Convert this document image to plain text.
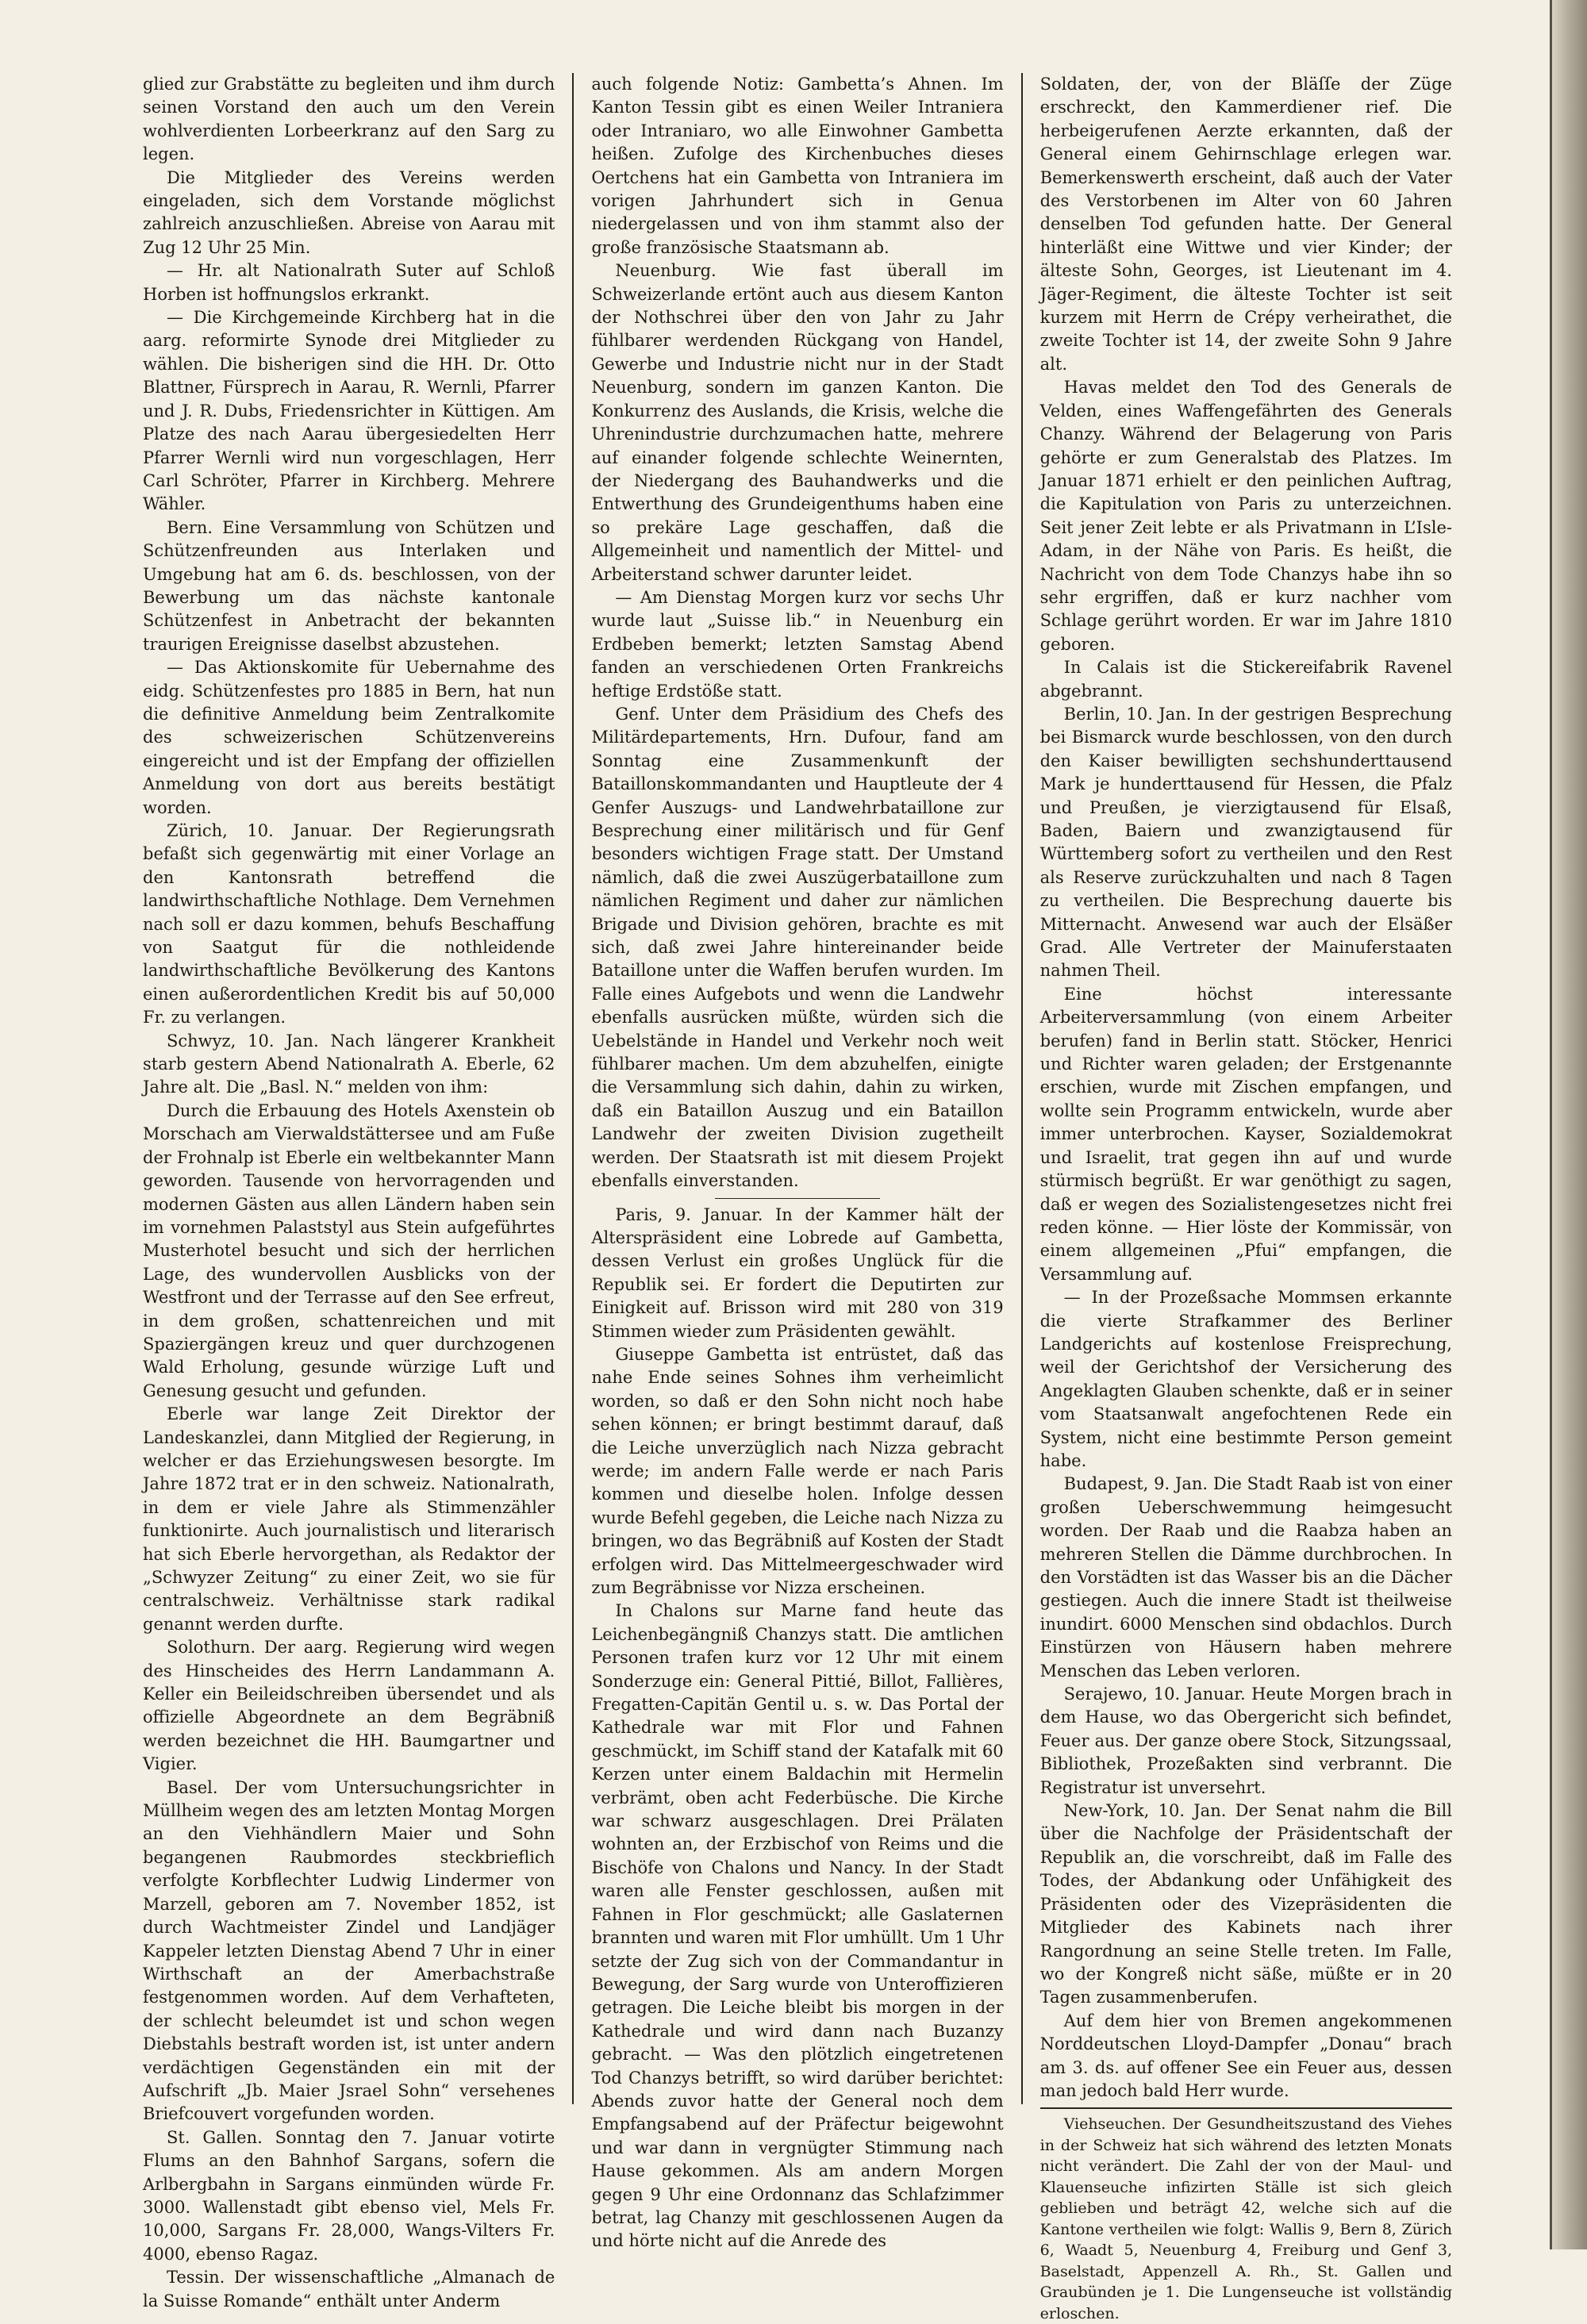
glied zur Grabstätte zu begleiten und ihm durch seinen Vorstand den auch um den Verein wohlverdienten Lorbeerkranz auf den Sarg zu legen.

Die Mitglieder des Vereins werden eingeladen, sich dem Vorstande möglichst zahlreich anzuschließen. Abreise von Aarau mit Zug 12 Uhr 25 Min.

— Hr. alt Nationalrath Suter auf Schloß Horben ist hoffnungslos erkrankt.

— Die Kirchgemeinde Kirchberg hat in die aarg. reformirte Synode drei Mitglieder zu wählen. Die bisherigen sind die HH. Dr. Otto Blattner, Fürsprech in Aarau, R. Wernli, Pfarrer und J. R. Dubs, Friedensrichter in Küttigen. Am Platze des nach Aarau übergesiedelten Herr Pfarrer Wernli wird nun vorgeschlagen, Herr Carl Schröter, Pfarrer in Kirchberg. Mehrere Wähler.

Bern. Eine Versammlung von Schützen und Schützenfreunden aus Interlaken und Umgebung hat am 6. ds. beschlossen, von der Bewerbung um das nächste kantonale Schützenfest in Anbetracht der bekannten traurigen Ereignisse daselbst abzustehen.

— Das Aktionskomite für Uebernahme des eidg. Schützenfestes pro 1885 in Bern, hat nun die definitive Anmeldung beim Zentralkomite des schweizerischen Schützenvereins eingereicht und ist der Empfang der offiziellen Anmeldung von dort aus bereits bestätigt worden.

Zürich, 10. Januar. Der Regierungsrath befaßt sich gegenwärtig mit einer Vorlage an den Kantonsrath betreffend die landwirthschaftliche Nothlage. Dem Vernehmen nach soll er dazu kommen, behufs Beschaffung von Saatgut für die nothleidende landwirthschaftliche Bevölkerung des Kantons einen außerordentlichen Kredit bis auf 50,000 Fr. zu verlangen.

Schwyz, 10. Jan. Nach längerer Krankheit starb gestern Abend Nationalrath A. Eberle, 62 Jahre alt. Die „Basl. N.“ melden von ihm:

Durch die Erbauung des Hotels Axenstein ob Morschach am Vierwaldstättersee und am Fuße der Frohnalp ist Eberle ein weltbekannter Mann geworden. Tausende von hervorragenden und modernen Gästen aus allen Ländern haben sein im vornehmen Palaststyl aus Stein aufgeführtes Musterhotel besucht und sich der herrlichen Lage, des wundervollen Ausblicks von der Westfront und der Terrasse auf den See erfreut, in dem großen, schattenreichen und mit Spaziergängen kreuz und quer durchzogenen Wald Erholung, gesunde würzige Luft und Genesung gesucht und gefunden.

Eberle war lange Zeit Direktor der Landeskanzlei, dann Mitglied der Regierung, in welcher er das Erziehungswesen besorgte. Im Jahre 1872 trat er in den schweiz. Nationalrath, in dem er viele Jahre als Stimmenzähler funktionirte. Auch journalistisch und literarisch hat sich Eberle hervorgethan, als Redaktor der „Schwyzer Zeitung“ zu einer Zeit, wo sie für centralschweiz. Verhältnisse stark radikal genannt werden durfte.

Solothurn. Der aarg. Regierung wird wegen des Hinscheides des Herrn Landammann A. Keller ein Beileidschreiben übersendet und als offizielle Abgeordnete an dem Begräbniß werden bezeichnet die HH. Baumgartner und Vigier.

Basel. Der vom Untersuchungsrichter in Müllheim wegen des am letzten Montag Morgen an den Viehhändlern Maier und Sohn begangenen Raubmordes steckbrieflich verfolgte Korbflechter Ludwig Lindermer von Marzell, geboren am 7. November 1852, ist durch Wachtmeister Zindel und Landjäger Kappeler letzten Dienstag Abend 7 Uhr in einer Wirthschaft an der Amerbachstraße festgenommen worden. Auf dem Verhafteten, der schlecht beleumdet ist und schon wegen Diebstahls bestraft worden ist, ist unter andern verdächtigen Gegenständen ein mit der Aufschrift „Jb. Maier Jsrael Sohn“ versehenes Briefcouvert vorgefunden worden.

St. Gallen. Sonntag den 7. Januar votirte Flums an den Bahnhof Sargans, sofern die Arlbergbahn in Sargans einmünden würde Fr. 3000. Wallenstadt gibt ebenso viel, Mels Fr. 10,000, Sargans Fr. 28,000, Wangs-Vilters Fr. 4000, ebenso Ragaz.

Tessin. Der wissenschaftliche „Almanach de la Suisse Romande“ enthält unter Anderm

auch folgende Notiz: Gambetta’s Ahnen. Im Kanton Tessin gibt es einen Weiler Intraniera oder Intraniaro, wo alle Einwohner Gambetta heißen. Zufolge des Kirchenbuches dieses Oertchens hat ein Gambetta von Intraniera im vorigen Jahrhundert sich in Genua niedergelassen und von ihm stammt also der große französische Staatsmann ab.

Neuenburg. Wie fast überall im Schweizerlande ertönt auch aus diesem Kanton der Nothschrei über den von Jahr zu Jahr fühlbarer werdenden Rückgang von Handel, Gewerbe und Industrie nicht nur in der Stadt Neuenburg, sondern im ganzen Kanton. Die Konkurrenz des Auslands, die Krisis, welche die Uhrenindustrie durchzumachen hatte, mehrere auf einander folgende schlechte Weinernten, der Niedergang des Bauhandwerks und die Entwerthung des Grundeigenthums haben eine so prekäre Lage geschaffen, daß die Allgemeinheit und namentlich der Mittel- und Arbeiterstand schwer darunter leidet.

— Am Dienstag Morgen kurz vor sechs Uhr wurde laut „Suisse lib.“ in Neuenburg ein Erdbeben bemerkt; letzten Samstag Abend fanden an verschiedenen Orten Frankreichs heftige Erdstöße statt.

Genf. Unter dem Präsidium des Chefs des Militärdepartements, Hrn. Dufour, fand am Sonntag eine Zusammenkunft der Bataillonskommandanten und Hauptleute der 4 Genfer Auszugs- und Landwehrbataillone zur Besprechung einer militärisch und für Genf besonders wichtigen Frage statt. Der Umstand nämlich, daß die zwei Auszügerbataillone zum nämlichen Regiment und daher zur nämlichen Brigade und Division gehören, brachte es mit sich, daß zwei Jahre hintereinander beide Bataillone unter die Waffen berufen wurden. Im Falle eines Aufgebots und wenn die Landwehr ebenfalls ausrücken müßte, würden sich die Uebelstände in Handel und Verkehr noch weit fühlbarer machen. Um dem abzuhelfen, einigte die Versammlung sich dahin, dahin zu wirken, daß ein Bataillon Auszug und ein Bataillon Landwehr der zweiten Division zugetheilt werden. Der Staatsrath ist mit diesem Projekt ebenfalls einverstanden.

Paris, 9. Januar. In der Kammer hält der Alterspräsident eine Lobrede auf Gambetta, dessen Verlust ein großes Unglück für die Republik sei. Er fordert die Deputirten zur Einigkeit auf. Brisson wird mit 280 von 319 Stimmen wieder zum Präsidenten gewählt.

Giuseppe Gambetta ist entrüstet, daß das nahe Ende seines Sohnes ihm verheimlicht worden, so daß er den Sohn nicht noch habe sehen können; er bringt bestimmt darauf, daß die Leiche unverzüglich nach Nizza gebracht werde; im andern Falle werde er nach Paris kommen und dieselbe holen. Infolge dessen wurde Befehl gegeben, die Leiche nach Nizza zu bringen, wo das Begräbniß auf Kosten der Stadt erfolgen wird. Das Mittelmeergeschwader wird zum Begräbnisse vor Nizza erscheinen.

In Chalons sur Marne fand heute das Leichenbegängniß Chanzys statt. Die amtlichen Personen trafen kurz vor 12 Uhr mit einem Sonderzuge ein: General Pittié, Billot, Fallières, Fregatten-Capitän Gentil u. s. w. Das Portal der Kathedrale war mit Flor und Fahnen geschmückt, im Schiff stand der Katafalk mit 60 Kerzen unter einem Baldachin mit Hermelin verbrämt, oben acht Federbüsche. Die Kirche war schwarz ausgeschlagen. Drei Prälaten wohnten an, der Erzbischof von Reims und die Bischöfe von Chalons und Nancy. In der Stadt waren alle Fenster geschlossen, außen mit Fahnen in Flor geschmückt; alle Gaslaternen brannten und waren mit Flor umhüllt. Um 1 Uhr setzte der Zug sich von der Commandantur in Bewegung, der Sarg wurde von Unteroffizieren getragen. Die Leiche bleibt bis morgen in der Kathedrale und wird dann nach Buzanzy gebracht. — Was den plötzlich eingetretenen Tod Chanzys betrifft, so wird darüber berichtet: Abends zuvor hatte der General noch dem Empfangsabend auf der Präfectur beigewohnt und war dann in vergnügter Stimmung nach Hause gekommen. Als am andern Morgen gegen 9 Uhr eine Ordonnanz das Schlafzimmer betrat, lag Chanzy mit geschlossenen Augen da und hörte nicht auf die Anrede des

Soldaten, der, von der Bläſſe der Züge erschreckt, den Kammerdiener rief. Die herbeigerufenen Aerzte erkannten, daß der General einem Gehirnschlage erlegen war. Bemerkenswerth erscheint, daß auch der Vater des Verstorbenen im Alter von 60 Jahren denselben Tod gefunden hatte. Der General hinterläßt eine Wittwe und vier Kinder; der älteste Sohn, Georges, ist Lieutenant im 4. Jäger-Regiment, die älteste Tochter ist seit kurzem mit Herrn de Crépy verheirathet, die zweite Tochter ist 14, der zweite Sohn 9 Jahre alt.

Havas meldet den Tod des Generals de Velden, eines Waffengefährten des Generals Chanzy. Während der Belagerung von Paris gehörte er zum Generalstab des Platzes. Im Januar 1871 erhielt er den peinlichen Auftrag, die Kapitulation von Paris zu unterzeichnen. Seit jener Zeit lebte er als Privatmann in L’Isle-Adam, in der Nähe von Paris. Es heißt, die Nachricht von dem Tode Chanzys habe ihn so sehr ergriffen, daß er kurz nachher vom Schlage gerührt worden. Er war im Jahre 1810 geboren.

In Calais ist die Stickereifabrik Ravenel abgebrannt.

Berlin, 10. Jan. In der gestrigen Besprechung bei Bismarck wurde beschlossen, von den durch den Kaiser bewilligten sechshunderttausend Mark je hunderttausend für Hessen, die Pfalz und Preußen, je vierzigtausend für Elsaß, Baden, Baiern und zwanzigtausend für Württemberg sofort zu vertheilen und den Rest als Reserve zurückzuhalten und nach 8 Tagen zu vertheilen. Die Besprechung dauerte bis Mitternacht. Anwesend war auch der Elsäßer Grad. Alle Vertreter der Mainuferstaaten nahmen Theil.

Eine höchst interessante Arbeiterversammlung (von einem Arbeiter berufen) fand in Berlin statt. Stöcker, Henrici und Richter waren geladen; der Erstgenannte erschien, wurde mit Zischen empfangen, und wollte sein Programm entwickeln, wurde aber immer unterbrochen. Kayser, Sozialdemokrat und Israelit, trat gegen ihn auf und wurde stürmisch begrüßt. Er war genöthigt zu sagen, daß er wegen des Sozialistengesetzes nicht frei reden könne. — Hier löste der Kommissär, von einem allgemeinen „Pfui“ empfangen, die Versammlung auf.

— In der Prozeßsache Mommsen erkannte die vierte Strafkammer des Berliner Landgerichts auf kostenlose Freisprechung, weil der Gerichtshof der Versicherung des Angeklagten Glauben schenkte, daß er in seiner vom Staatsanwalt angefochtenen Rede ein System, nicht eine bestimmte Person gemeint habe.

Budapest, 9. Jan. Die Stadt Raab ist von einer großen Ueberschwemmung heimgesucht worden. Der Raab und die Raabza haben an mehreren Stellen die Dämme durchbrochen. In den Vorstädten ist das Wasser bis an die Dächer gestiegen. Auch die innere Stadt ist theilweise inundirt. 6000 Menschen sind obdachlos. Durch Einstürzen von Häusern haben mehrere Menschen das Leben verloren.

Serajewo, 10. Januar. Heute Morgen brach in dem Hause, wo das Obergericht sich befindet, Feuer aus. Der ganze obere Stock, Sitzungssaal, Bibliothek, Prozeßakten sind verbrannt. Die Registratur ist unversehrt.

New-York, 10. Jan. Der Senat nahm die Bill über die Nachfolge der Präsidentschaft der Republik an, die vorschreibt, daß im Falle des Todes, der Abdankung oder Unfähigkeit des Präsidenten oder des Vizepräsidenten die Mitglieder des Kabinets nach ihrer Rangordnung an seine Stelle treten. Im Falle, wo der Kongreß nicht säße, müßte er in 20 Tagen zusammenberufen.

Auf dem hier von Bremen angekommenen Norddeutschen Lloyd-Dampfer „Donau“ brach am 3. ds. auf offener See ein Feuer aus, dessen man jedoch bald Herr wurde.

Viehseuchen. Der Gesundheitszustand des Viehes in der Schweiz hat sich während des letzten Monats nicht verändert. Die Zahl der von der Maul- und Klauenseuche infizirten Ställe ist sich gleich geblieben und beträgt 42, welche sich auf die Kantone vertheilen wie folgt: Wallis 9, Bern 8, Zürich 6, Waadt 5, Neuenburg 4, Freiburg und Genf 3, Baselstadt, Appenzell A. Rh., St. Gallen und Graubünden je 1. Die Lungenseuche ist vollständig erloschen.
